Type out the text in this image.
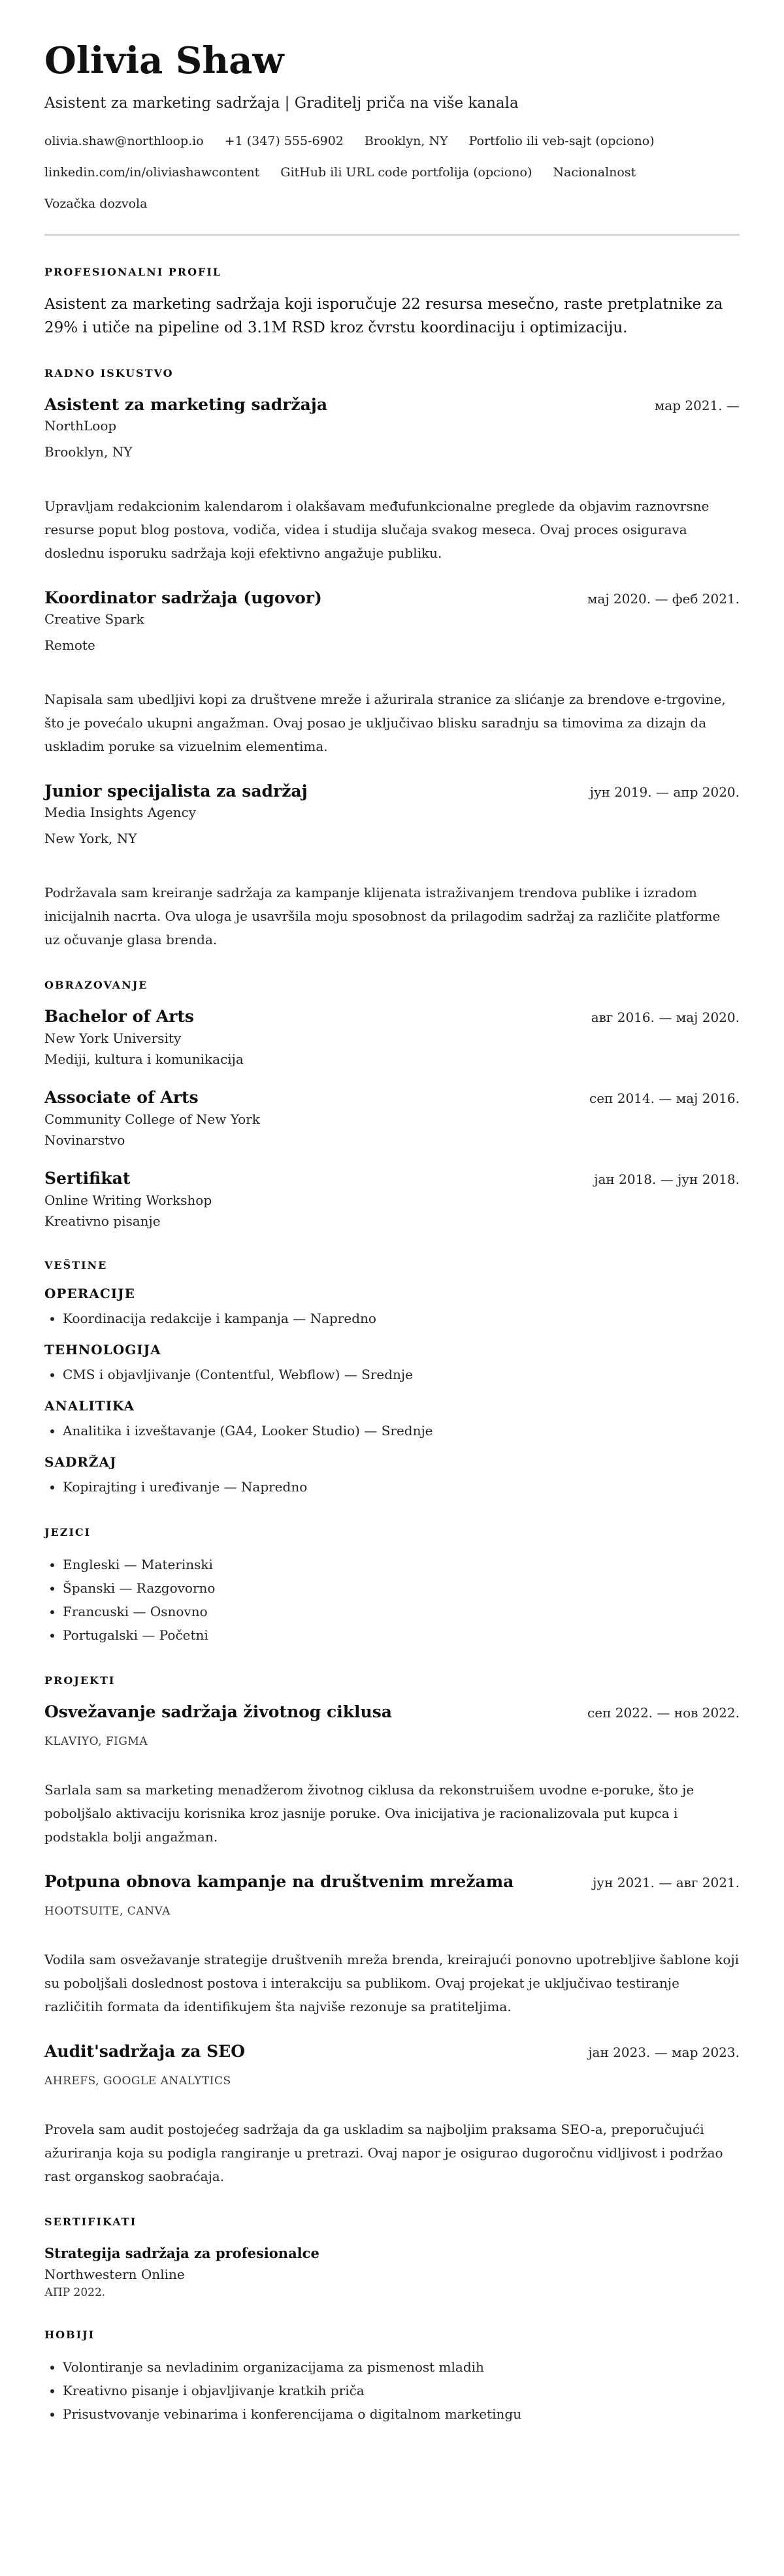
Olivia Shaw
Asistent za marketing sadržaja | Graditelj priča na više kanala
olivia.shaw@northloop.io +1 (347) 555-6902 Brooklyn, NY Portfolio ili veb-sajt (opciono)
linkedin.com/in/oliviashawcontent GitHub ili URL code portfolija (opciono) Nacionalnost
Vozačka dozvola
PROFESIONALNI PROFIL
Asistent za marketing sadržaja koji isporučuje 22 resursa mesečno, raste pretplatnike za 29% i utiče na pipeline od 3.1M RSD kroz čvrstu koordinaciju i optimizaciju.
RADNO ISKUSTVO
Asistent za marketing sadržaja	мар 2021. —
NorthLoop
Brooklyn, NY
Upravljam redakcionim kalendarom i olakšavam međufunkcionalne preglede da objavim raznovrsne resurse poput blog postova, vodiča, videa i studija slučaja svakog meseca. Ovaj proces osigurava doslednu isporuku sadržaja koji efektivno angažuje publiku.
Koordinator sadržaja (ugovor)	мај 2020. — феб 2021.
Creative Spark
Remote
Napisala sam ubedljivi kopi za društvene mreže i ažurirala stranice za slićanje za brendove e-trgovine, što je povećalo ukupni angažman. Ovaj posao je uključivao blisku saradnju sa timovima za dizajn da uskladim poruke sa vizuelnim elementima.
Junior specijalista za sadržaj	јун 2019. — апр 2020.
Media Insights Agency
New York, NY
Podržavala sam kreiranje sadržaja za kampanje klijenata istraživanjem trendova publike i izradom inicijalnih nacrta. Ova uloga je usavršila moju sposobnost da prilagodim sadržaj za različite platforme uz očuvanje glasa brenda.
OBRAZOVANJE
Bachelor of Arts	авг 2016. — мај 2020.
New York University
Mediji, kultura i komunikacija
Associate of Arts	сеп 2014. — мај 2016.
Community College of New York
Novinarstvo
Sertifikat	јан 2018. — јун 2018.
Online Writing Workshop
Kreativno pisanje
VEŠTINE
OPERACIJE
• Koordinacija redakcije i kampanja — Napredno
TEHNOLOGIJA
• CMS i objavljivanje (Contentful, Webflow) — Srednje
ANALITIKA
• Analitika i izveštavanje (GA4, Looker Studio) — Srednje
SADRŽAJ
• Kopirajting i uređivanje — Napredno
JEZICI
• Engleski — Materinski
• Španski — Razgovorno
• Francuski — Osnovno
• Portugalski — Početni
PROJEKTI
Osvežavanje sadržaja životnog ciklusa	сеп 2022. — нов 2022.
KLAVIYO, FIGMA
Sarlala sam sa marketing menadžerom životnog ciklusa da rekonstruišem uvodne e-poruke, što je poboljšalo aktivaciju korisnika kroz jasnije poruke. Ova inicijativa je racionalizovala put kupca i podstakla bolji angažman.
Potpuna obnova kampanje na društvenim mrežama	јун 2021. — авг 2021.
HOOTSUITE, CANVA
Vodila sam osvežavanje strategije društvenih mreža brenda, kreirajući ponovno upotrebljive šablone koji su poboljšali doslednost postova i interakciju sa publikom. Ovaj projekat je uključivao testiranje različitih formata da identifikujem šta najviše rezonuje sa pratiteljima.
Audit'sadržaja za SEO	јан 2023. — мар 2023.
AHREFS, GOOGLE ANALYTICS
Provela sam audit postojećeg sadržaja da ga uskladim sa najboljim praksama SEO-a, preporučujući ažuriranja koja su podigla rangiranje u pretrazi. Ovaj napor je osigurao dugoročnu vidljivost i podržao rast organskog saobraćaja.
SERTIFIKATI
Strategija sadržaja za profesionalce
Northwestern Online
АПР 2022.
HOBIJI
• Volontiranje sa nevladinim organizacijama za pismenost mladih
• Kreativno pisanje i objavljivanje kratkih priča
• Prisustvovanje vebinarima i konferencijama o digitalnom marketingu
